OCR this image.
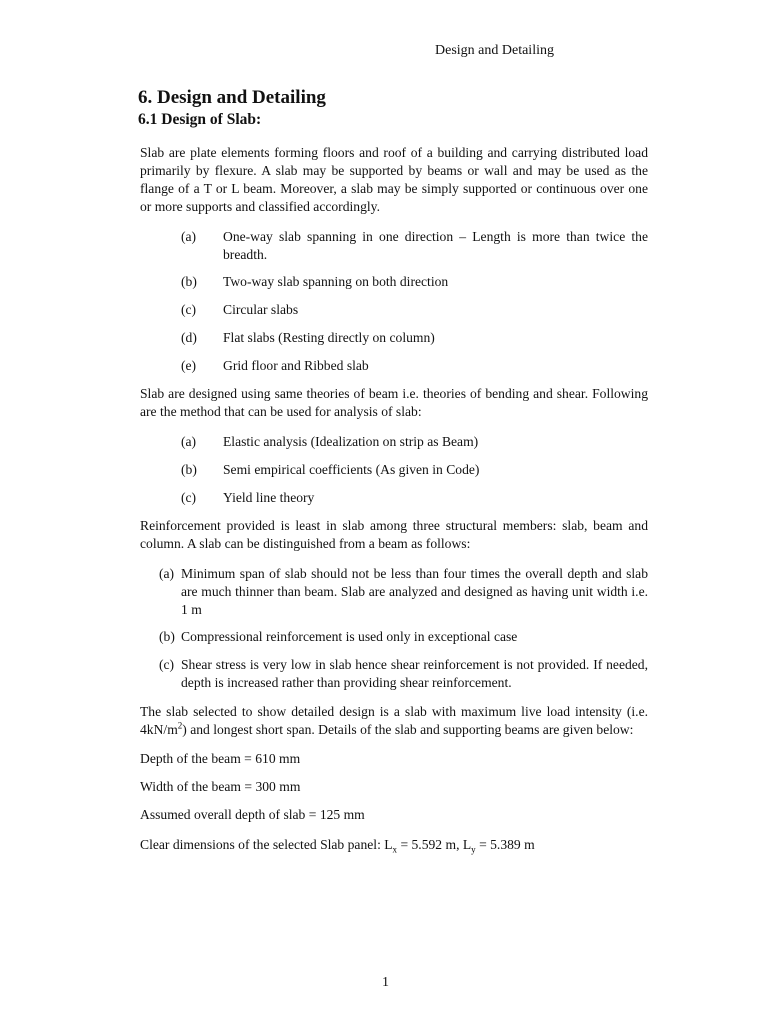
Design and Detailing
6. Design and Detailing
6.1 Design of Slab:
Slab are plate elements forming floors and roof of a building and carrying distributed load primarily by flexure. A slab may be supported by beams or wall and may be used as the flange of a T or L beam. Moreover, a slab may be simply supported or continuous over one or more supports and classified accordingly.
(a) One-way slab spanning in one direction – Length is more than twice the breadth.
(b) Two-way slab spanning on both direction
(c) Circular slabs
(d) Flat slabs (Resting directly on column)
(e) Grid floor and Ribbed slab
Slab are designed using same theories of beam i.e. theories of bending and shear. Following are the method that can be used for analysis of slab:
(a) Elastic analysis (Idealization on strip as Beam)
(b) Semi empirical coefficients (As given in Code)
(c) Yield line theory
Reinforcement provided is least in slab among three structural members: slab, beam and column. A slab can be distinguished from a beam as follows:
(a) Minimum span of slab should not be less than four times the overall depth and slab are much thinner than beam. Slab are analyzed and designed as having unit width i.e. 1 m
(b) Compressional reinforcement is used only in exceptional case
(c) Shear stress is very low in slab hence shear reinforcement is not provided. If needed, depth is increased rather than providing shear reinforcement.
The slab selected to show detailed design is a slab with maximum live load intensity (i.e. $4kN/m^2$) and longest short span. Details of the slab and supporting beams are given below:
Depth of the beam = 610 mm
Width of the beam = 300 mm
Assumed overall depth of slab = 125 mm
Clear dimensions of the selected Slab panel: $L_x = 5.592$ m, $L_y = 5.389$ m
1
